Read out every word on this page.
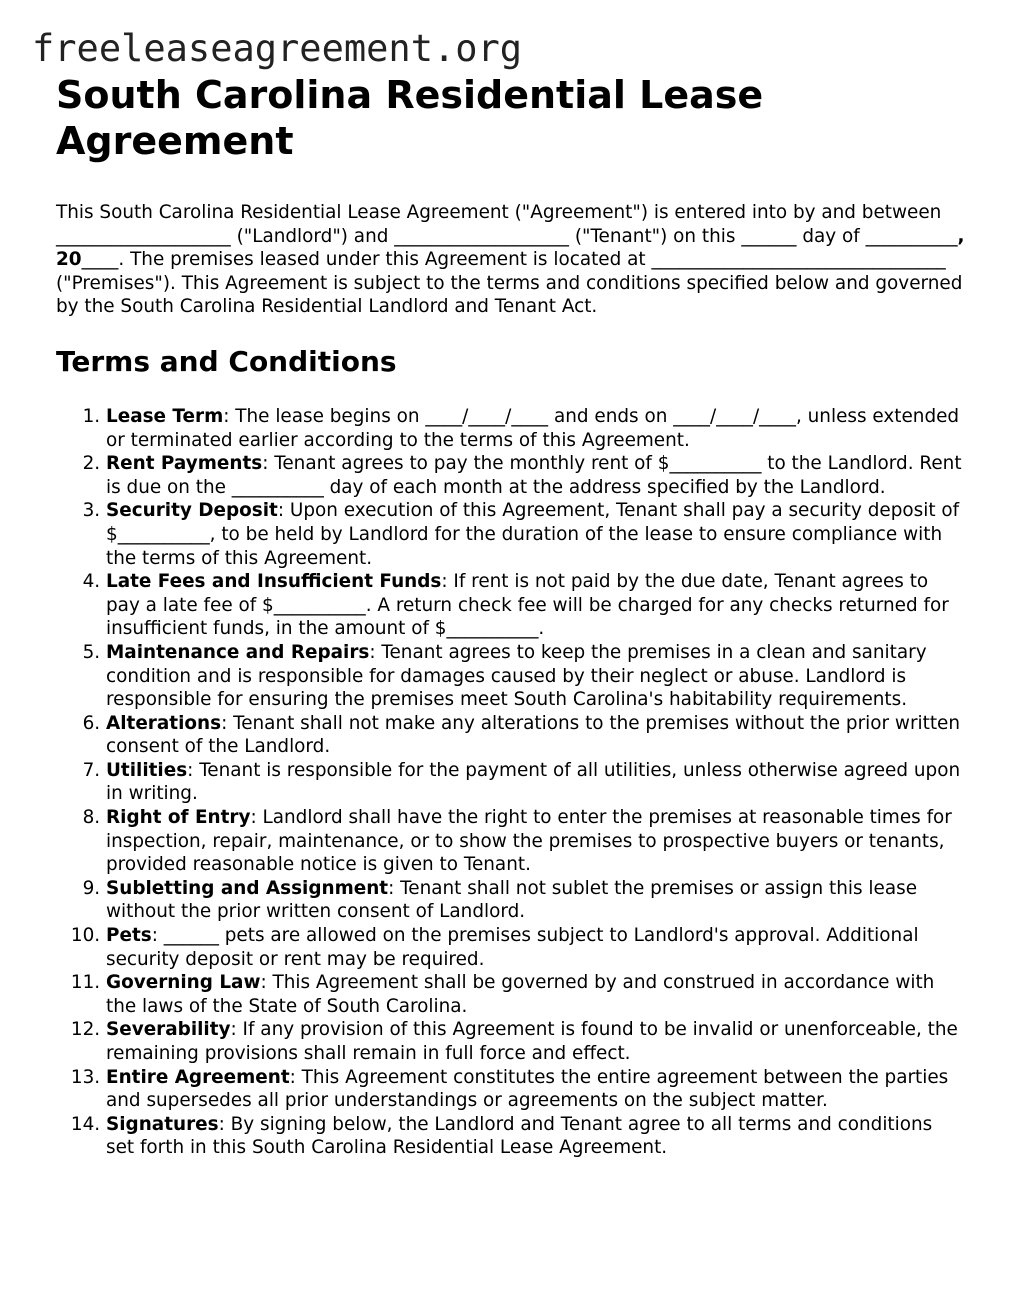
freeleaseagreement.org
South Carolina Residential Lease Agreement

This South Carolina Residential Lease Agreement ("Agreement") is entered into by and between ___________________ ("Landlord") and ___________________ ("Tenant") on this ______ day of __________, 20____. The premises leased under this Agreement is located at ________________________________ ("Premises"). This Agreement is subject to the terms and conditions specified below and governed by the South Carolina Residential Landlord and Tenant Act.

Terms and Conditions
1. Lease Term: The lease begins on ____/____/____ and ends on ____/____/____, unless extended or terminated earlier according to the terms of this Agreement.
2. Rent Payments: Tenant agrees to pay the monthly rent of $__________ to the Landlord. Rent is due on the __________ day of each month at the address specified by the Landlord.
3. Security Deposit: Upon execution of this Agreement, Tenant shall pay a security deposit of $__________, to be held by Landlord for the duration of the lease to ensure compliance with the terms of this Agreement.
4. Late Fees and Insufficient Funds: If rent is not paid by the due date, Tenant agrees to pay a late fee of $__________. A return check fee will be charged for any checks returned for insufficient funds, in the amount of $__________.
5. Maintenance and Repairs: Tenant agrees to keep the premises in a clean and sanitary condition and is responsible for damages caused by their neglect or abuse. Landlord is responsible for ensuring the premises meet South Carolina's habitability requirements.
6. Alterations: Tenant shall not make any alterations to the premises without the prior written consent of the Landlord.
7. Utilities: Tenant is responsible for the payment of all utilities, unless otherwise agreed upon in writing.
8. Right of Entry: Landlord shall have the right to enter the premises at reasonable times for inspection, repair, maintenance, or to show the premises to prospective buyers or tenants, provided reasonable notice is given to Tenant.
9. Subletting and Assignment: Tenant shall not sublet the premises or assign this lease without the prior written consent of Landlord.
10. Pets: ______ pets are allowed on the premises subject to Landlord's approval. Additional security deposit or rent may be required.
11. Governing Law: This Agreement shall be governed by and construed in accordance with the laws of the State of South Carolina.
12. Severability: If any provision of this Agreement is found to be invalid or unenforceable, the remaining provisions shall remain in full force and effect.
13. Entire Agreement: This Agreement constitutes the entire agreement between the parties and supersedes all prior understandings or agreements on the subject matter.
14. Signatures: By signing below, the Landlord and Tenant agree to all terms and conditions set forth in this South Carolina Residential Lease Agreement.
